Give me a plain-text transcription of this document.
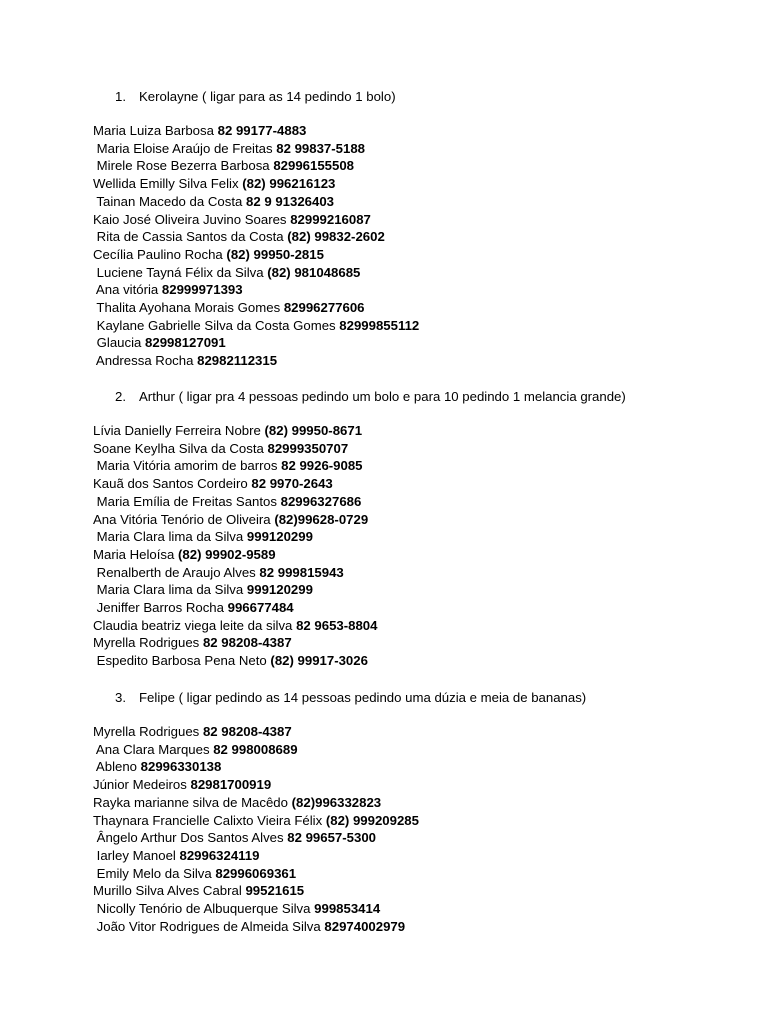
1. Kerolayne ( ligar para as 14 pedindo 1 bolo)
Maria Luiza Barbosa 82 99177-4883
Maria Eloise Araújo de Freitas 82 99837-5188
Mirele Rose Bezerra Barbosa 82996155508
Wellida Emilly Silva Felix (82) 996216123
Tainan Macedo da Costa 82 9 91326403
Kaio José Oliveira Juvino Soares 82999216087
Rita de Cassia Santos da Costa (82) 99832-2602
Cecília Paulino Rocha (82) 99950-2815
Luciene Tayná Félix da Silva (82) 981048685
Ana vitória 82999971393
Thalita Ayohana Morais Gomes 82996277606
Kaylane Gabrielle Silva da Costa Gomes 82999855112
Glaucia 82998127091
Andressa Rocha 82982112315
2. Arthur ( ligar pra 4 pessoas pedindo um bolo e para 10 pedindo 1 melancia grande)
Lívia Danielly Ferreira Nobre (82) 99950-8671
Soane Keylha Silva da Costa 82999350707
Maria Vitória amorim de barros 82 9926-9085
Kauã dos Santos Cordeiro 82 9970-2643
Maria Emília de Freitas Santos 82996327686
Ana Vitória Tenório de Oliveira (82)99628-0729
Maria Clara lima da Silva 999120299
Maria Heloísa (82) 99902-9589
Renalberth de Araujo Alves 82 999815943
Maria Clara lima da Silva 999120299
Jeniffer Barros Rocha 996677484
Claudia beatriz viega leite da silva 82 9653-8804
Myrella Rodrigues 82 98208-4387
Espedito Barbosa Pena Neto (82) 99917-3026
3. Felipe ( ligar pedindo as 14 pessoas pedindo uma dúzia e meia de bananas)
Myrella Rodrigues 82 98208-4387
Ana Clara Marques 82 998008689
Ableno 82996330138
Júnior Medeiros 82981700919
Rayka marianne silva de Macêdo (82)996332823
Thaynara Francielle Calixto Vieira Félix (82) 999209285
Ângelo Arthur Dos Santos Alves 82 99657-5300
Iarley Manoel 82996324119
Emily Melo da Silva 82996069361
Murillo Silva Alves Cabral 99521615
Nicolly Tenório de Albuquerque Silva 999853414
João Vitor Rodrigues de Almeida Silva 82974002979
